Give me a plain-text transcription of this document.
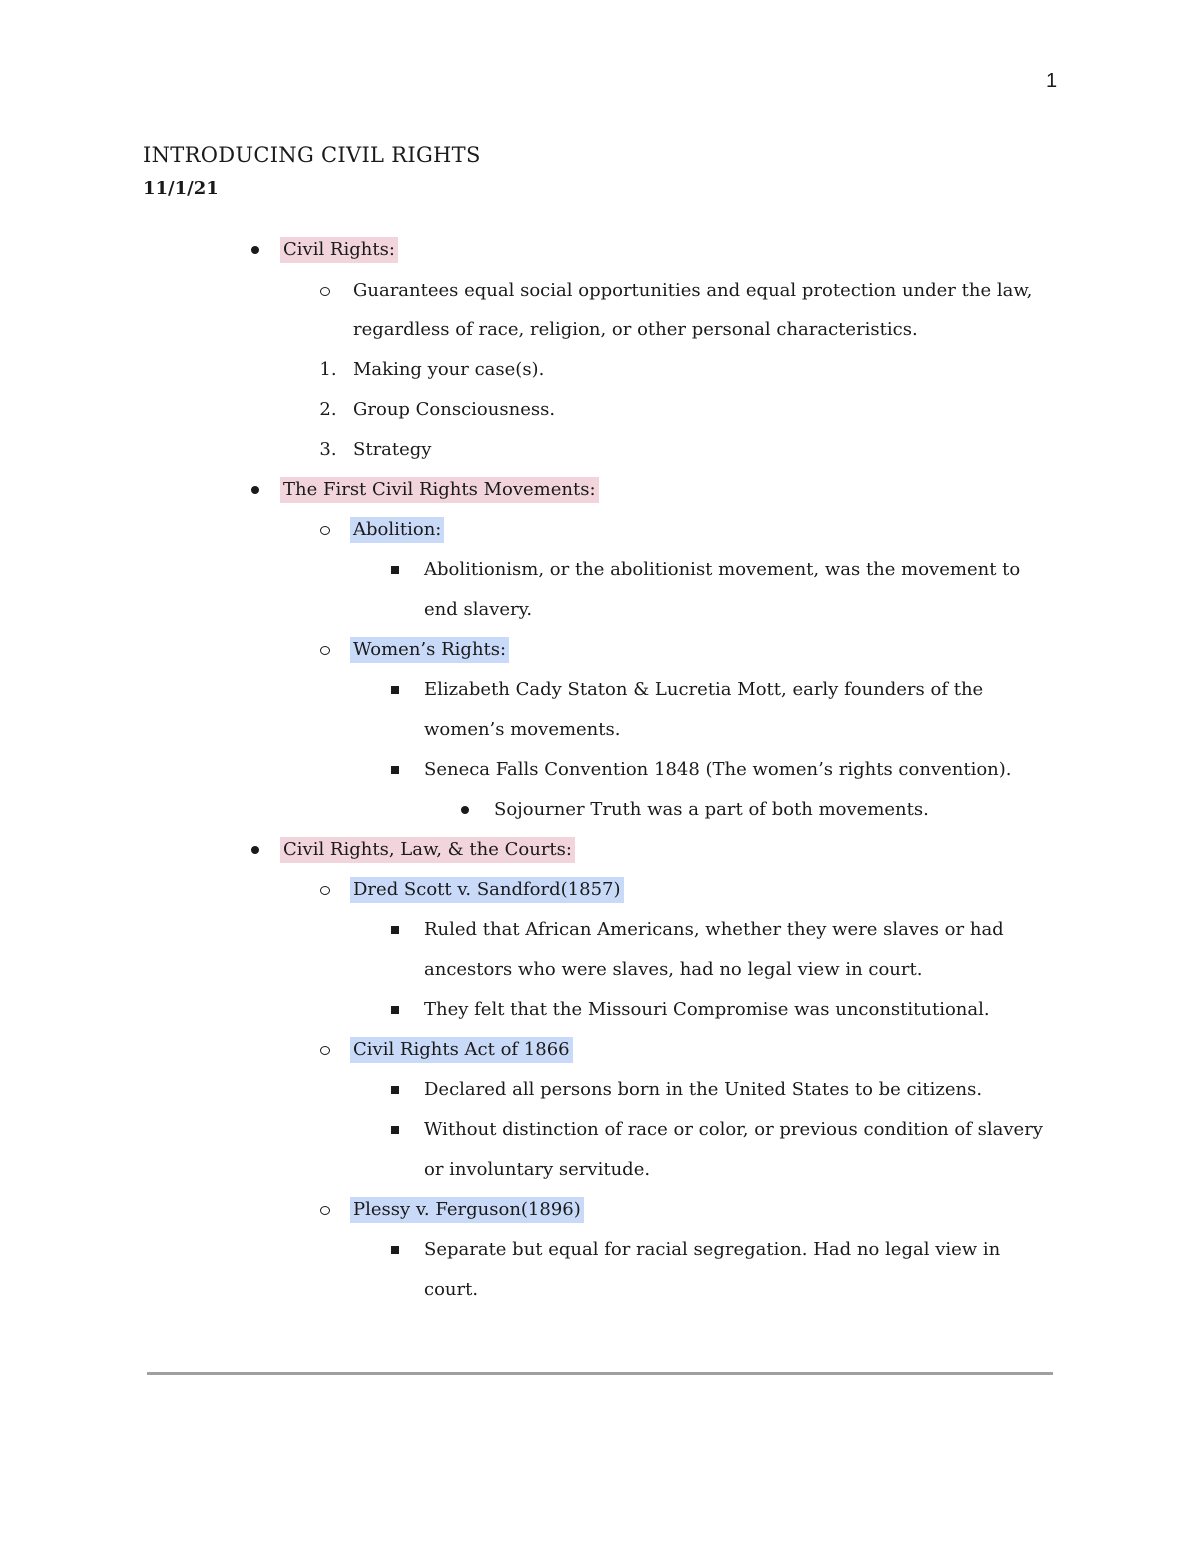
1
INTRODUCING CIVIL RIGHTS
11/1/21
Civil Rights:
Guarantees equal social opportunities and equal protection under the law,
regardless of race, religion, or other personal characteristics.
1. Making your case(s).
2. Group Consciousness.
3. Strategy
The First Civil Rights Movements:
Abolition:
Abolitionism, or the abolitionist movement, was the movement to
end slavery.
Women’s Rights:
Elizabeth Cady Staton & Lucretia Mott, early founders of the
women’s movements.
Seneca Falls Convention 1848 (The women’s rights convention).
Sojourner Truth was a part of both movements.
Civil Rights, Law, & the Courts:
Dred Scott v. Sandford(1857)
Ruled that African Americans, whether they were slaves or had
ancestors who were slaves, had no legal view in court.
They felt that the Missouri Compromise was unconstitutional.
Civil Rights Act of 1866
Declared all persons born in the United States to be citizens.
Without distinction of race or color, or previous condition of slavery
or involuntary servitude.
Plessy v. Ferguson(1896)
Separate but equal for racial segregation. Had no legal view in
court.
